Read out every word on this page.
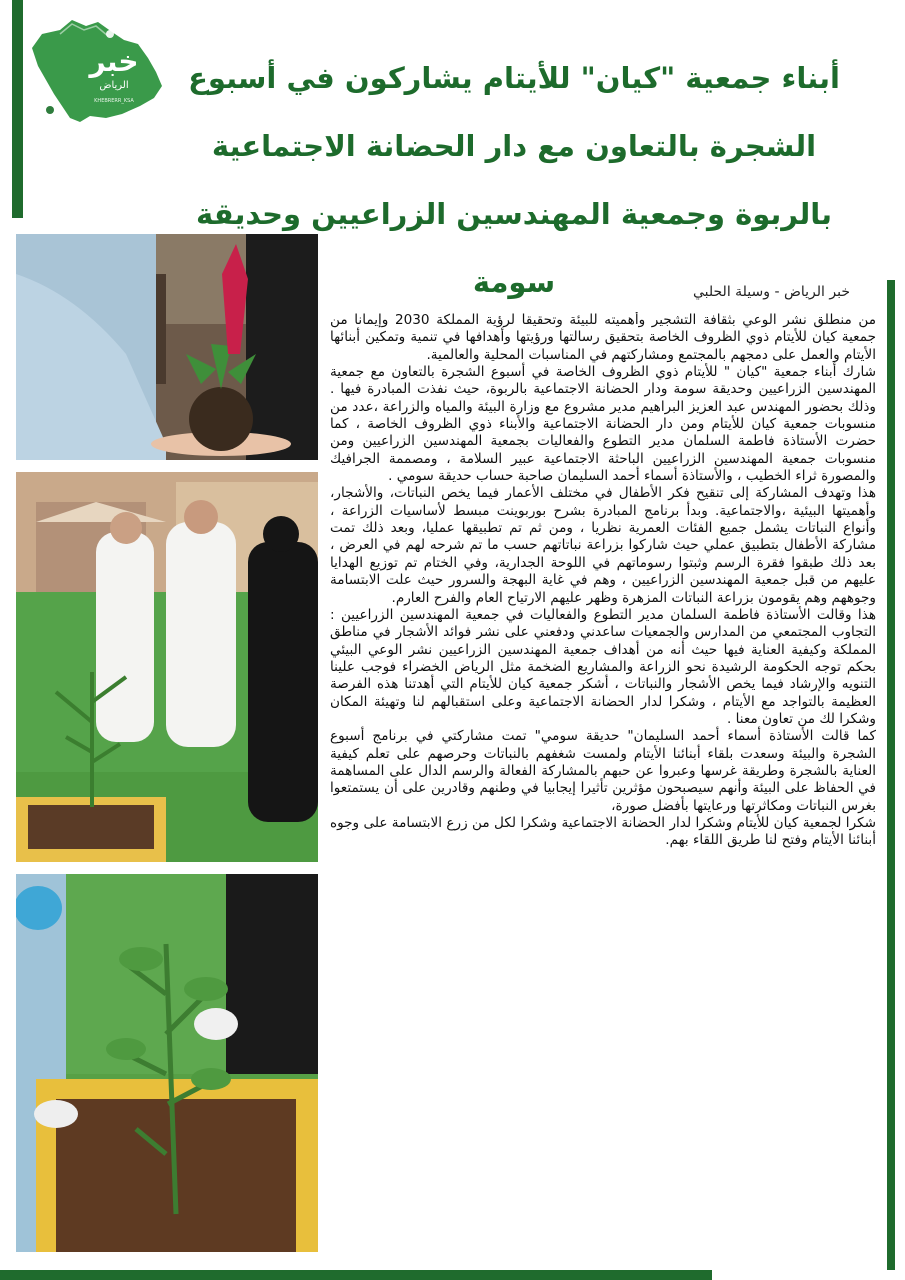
خبر
الرياض
KHEBRERR_KSA
أبناء جمعية "كيان" للأيتام يشاركون في أسبوع الشجرة بالتعاون مع دار الحضانة الاجتماعية بالربوة وجمعية المهندسين الزراعيين وحديقة سومة	خبر الرياض - وسيلة الحلبي

من منطلق نشر الوعي بثقافة التشجير وأهميته للبيئة وتحقيقا لرؤية المملكة 2030 وإيمانا من جمعية كيان للأيتام ذوي الظروف الخاصة بتحقيق رسالتها ورؤيتها وأهدافها في تنمية وتمكين أبنائها الأيتام والعمل على دمجهم بالمجتمع ومشاركتهم في المناسبات المحلية والعالمية.

شارك أبناء جمعية "كيان " للأيتام ذوي الظروف الخاصة في أسبوع الشجرة بالتعاون مع جمعية المهندسين الزراعيين وحديقة سومة ودار الحضانة الاجتماعية بالربوة، حيث نفذت المبادرة فيها . وذلك بحضور المهندس عبد العزيز البراهيم مدير مشروع مع وزارة البيئة والمياه والزراعة ،عدد من منسوبات جمعية كيان للأيتام ومن دار الحضانة الاجتماعية والأبناء ذوي الظروف الخاصة ، كما حضرت الأستاذة فاطمة السلمان مدير التطوع والفعاليات بجمعية المهندسين الزراعيين ومن منسوبات جمعية المهندسين الزراعيين الباحثة الاجتماعية عبير السلامة ، ومصممة الجرافيك والمصورة ثراء الخطيب ، والأستاذة أسماء أحمد السليمان صاحبة حساب حديقة سومي .

هذا وتهدف المشاركة إلى تنقيح فكر الأطفال في مختلف الأعمار فيما يخص النباتات، والأشجار، وأهميتها البيئية ،والاجتماعية. وبدأ برنامج المبادرة بشرح بوربوينت مبسط لأساسيات الزراعة ، وأنواع النباتات يشمل جميع الفئات العمرية نظريا ، ومن ثم تم تطبيقها عمليا، وبعد ذلك تمت مشاركة الأطفال بتطبيق عملي حيث شاركوا بزراعة نباتاتهم حسب ما تم شرحه لهم في العرض ، بعد ذلك طبقوا فقرة الرسم وثبتوا رسوماتهم في اللوحة الجدارية، وفي الختام تم توزيع الهدايا عليهم من قبل جمعية المهندسين الزراعيين ، وهم في غاية البهجة والسرور حيث علت الابتسامة وجوههم وهم يقومون بزراعة النباتات المزهرة وظهر عليهم الارتياح العام والفرح العارم.

هذا وقالت الأستاذة فاطمة السلمان مدير التطوع والفعاليات في جمعية المهندسين الزراعيين : التجاوب المجتمعي من المدارس والجمعيات ساعدني ودفعني على نشر فوائد الأشجار في مناطق المملكة وكيفية العناية فيها حيث أنه من أهداف جمعية المهندسين الزراعيين نشر الوعي البيئي بحكم توجه الحكومة الرشيدة نحو الزراعة والمشاريع الضخمة مثل الرياض الخضراء فوجب علينا التنويه والإرشاد فيما يخص الأشجار والنباتات ، أشكر جمعية كيان للأيتام التي أهدتنا هذه الفرصة العظيمة بالتواجد مع الأيتام ، وشكرا لدار الحضانة الاجتماعية وعلى استقبالهم لنا وتهيئة المكان وشكرا لك من تعاون معنا .

كما قالت الأستاذة أسماء أحمد السليمان" حديقة سومي" تمت مشاركتي في برنامج أسبوع الشجرة والبيئة وسعدت بلقاء أبنائنا الأيتام ولمست شغفهم بالنباتات وحرصهم على تعلم كيفية العناية بالشجرة وطريقة غرسها وعبروا عن حبهم بالمشاركة الفعالة والرسم الدال على المساهمة في الحفاظ على البيئة وأنهم سيصبحون مؤثرين تأثيرا إيجابيا في وطنهم وقادرين على أن يستمتعوا بغرس النباتات ومكاثرتها ورعايتها بأفضل صورة،

شكرا لجمعية كيان للأيتام وشكرا لدار الحضانة الاجتماعية وشكرا لكل من زرع الابتسامة على وجوه أبنائنا الأيتام وفتح لنا طريق اللقاء بهم.
